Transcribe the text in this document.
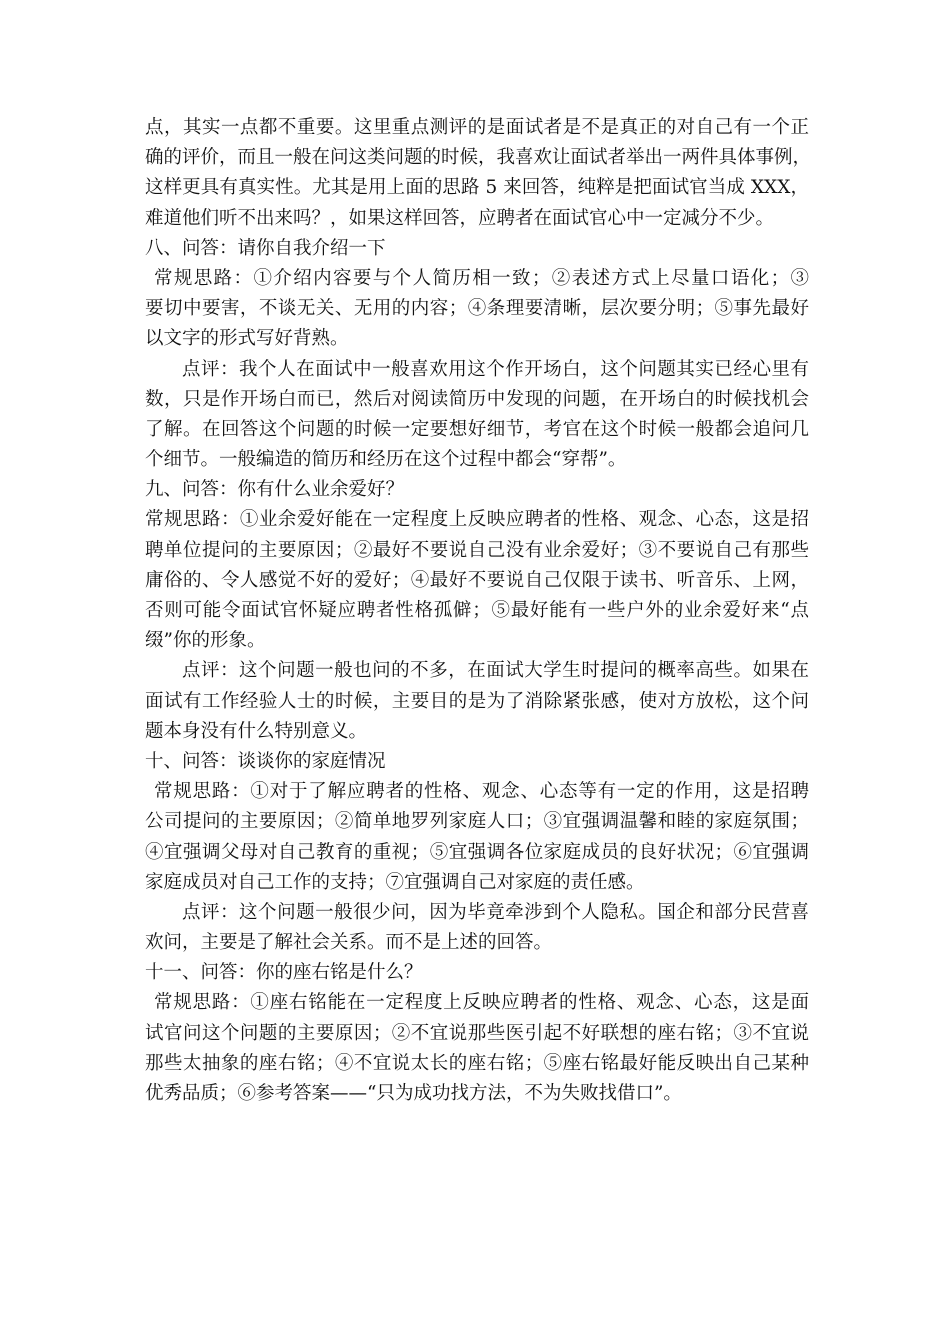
点，其实一点都不重要。这里重点测评的是面试者是不是真正的对自己有一个正
确的评价，而且一般在问这类问题的时候，我喜欢让面试者举出一两件具体事例，
这样更具有真实性。尤其是用上面的思路 5 来回答，纯粹是把面试官当成 XXX，
难道他们听不出来吗？，如果这样回答，应聘者在面试官心中一定减分不少。
八、问答：请你自我介绍一下
常规思路：①介绍内容要与个人简历相一致；②表述方式上尽量口语化；③
要切中要害，不谈无关、无用的内容；④条理要清晰，层次要分明；⑤事先最好
以文字的形式写好背熟。
点评：我个人在面试中一般喜欢用这个作开场白，这个问题其实已经心里有
数，只是作开场白而已，然后对阅读简历中发现的问题，在开场白的时候找机会
了解。在回答这个问题的时候一定要想好细节，考官在这个时候一般都会追问几
个细节。一般编造的简历和经历在这个过程中都会“穿帮”。
九、问答：你有什么业余爱好？
常规思路：①业余爱好能在一定程度上反映应聘者的性格、观念、心态，这是招
聘单位提问的主要原因；②最好不要说自己没有业余爱好；③不要说自己有那些
庸俗的、令人感觉不好的爱好；④最好不要说自己仅限于读书、听音乐、上网，
否则可能令面试官怀疑应聘者性格孤僻；⑤最好能有一些户外的业余爱好来“点
缀”你的形象。
点评：这个问题一般也问的不多，在面试大学生时提问的概率高些。如果在
面试有工作经验人士的时候，主要目的是为了消除紧张感，使对方放松，这个问
题本身没有什么特别意义。
十、问答：谈谈你的家庭情况
常规思路：①对于了解应聘者的性格、观念、心态等有一定的作用，这是招聘
公司提问的主要原因；②简单地罗列家庭人口；③宜强调温馨和睦的家庭氛围；
④宜强调父母对自己教育的重视；⑤宜强调各位家庭成员的良好状况；⑥宜强调
家庭成员对自己工作的支持；⑦宜强调自己对家庭的责任感。
点评：这个问题一般很少问，因为毕竟牵涉到个人隐私。国企和部分民营喜
欢问，主要是了解社会关系。而不是上述的回答。
十一、问答：你的座右铭是什么？
常规思路：①座右铭能在一定程度上反映应聘者的性格、观念、心态，这是面
试官问这个问题的主要原因；②不宜说那些医引起不好联想的座右铭；③不宜说
那些太抽象的座右铭；④不宜说太长的座右铭；⑤座右铭最好能反映出自己某种
优秀品质；⑥参考答案——“只为成功找方法，不为失败找借口”。
